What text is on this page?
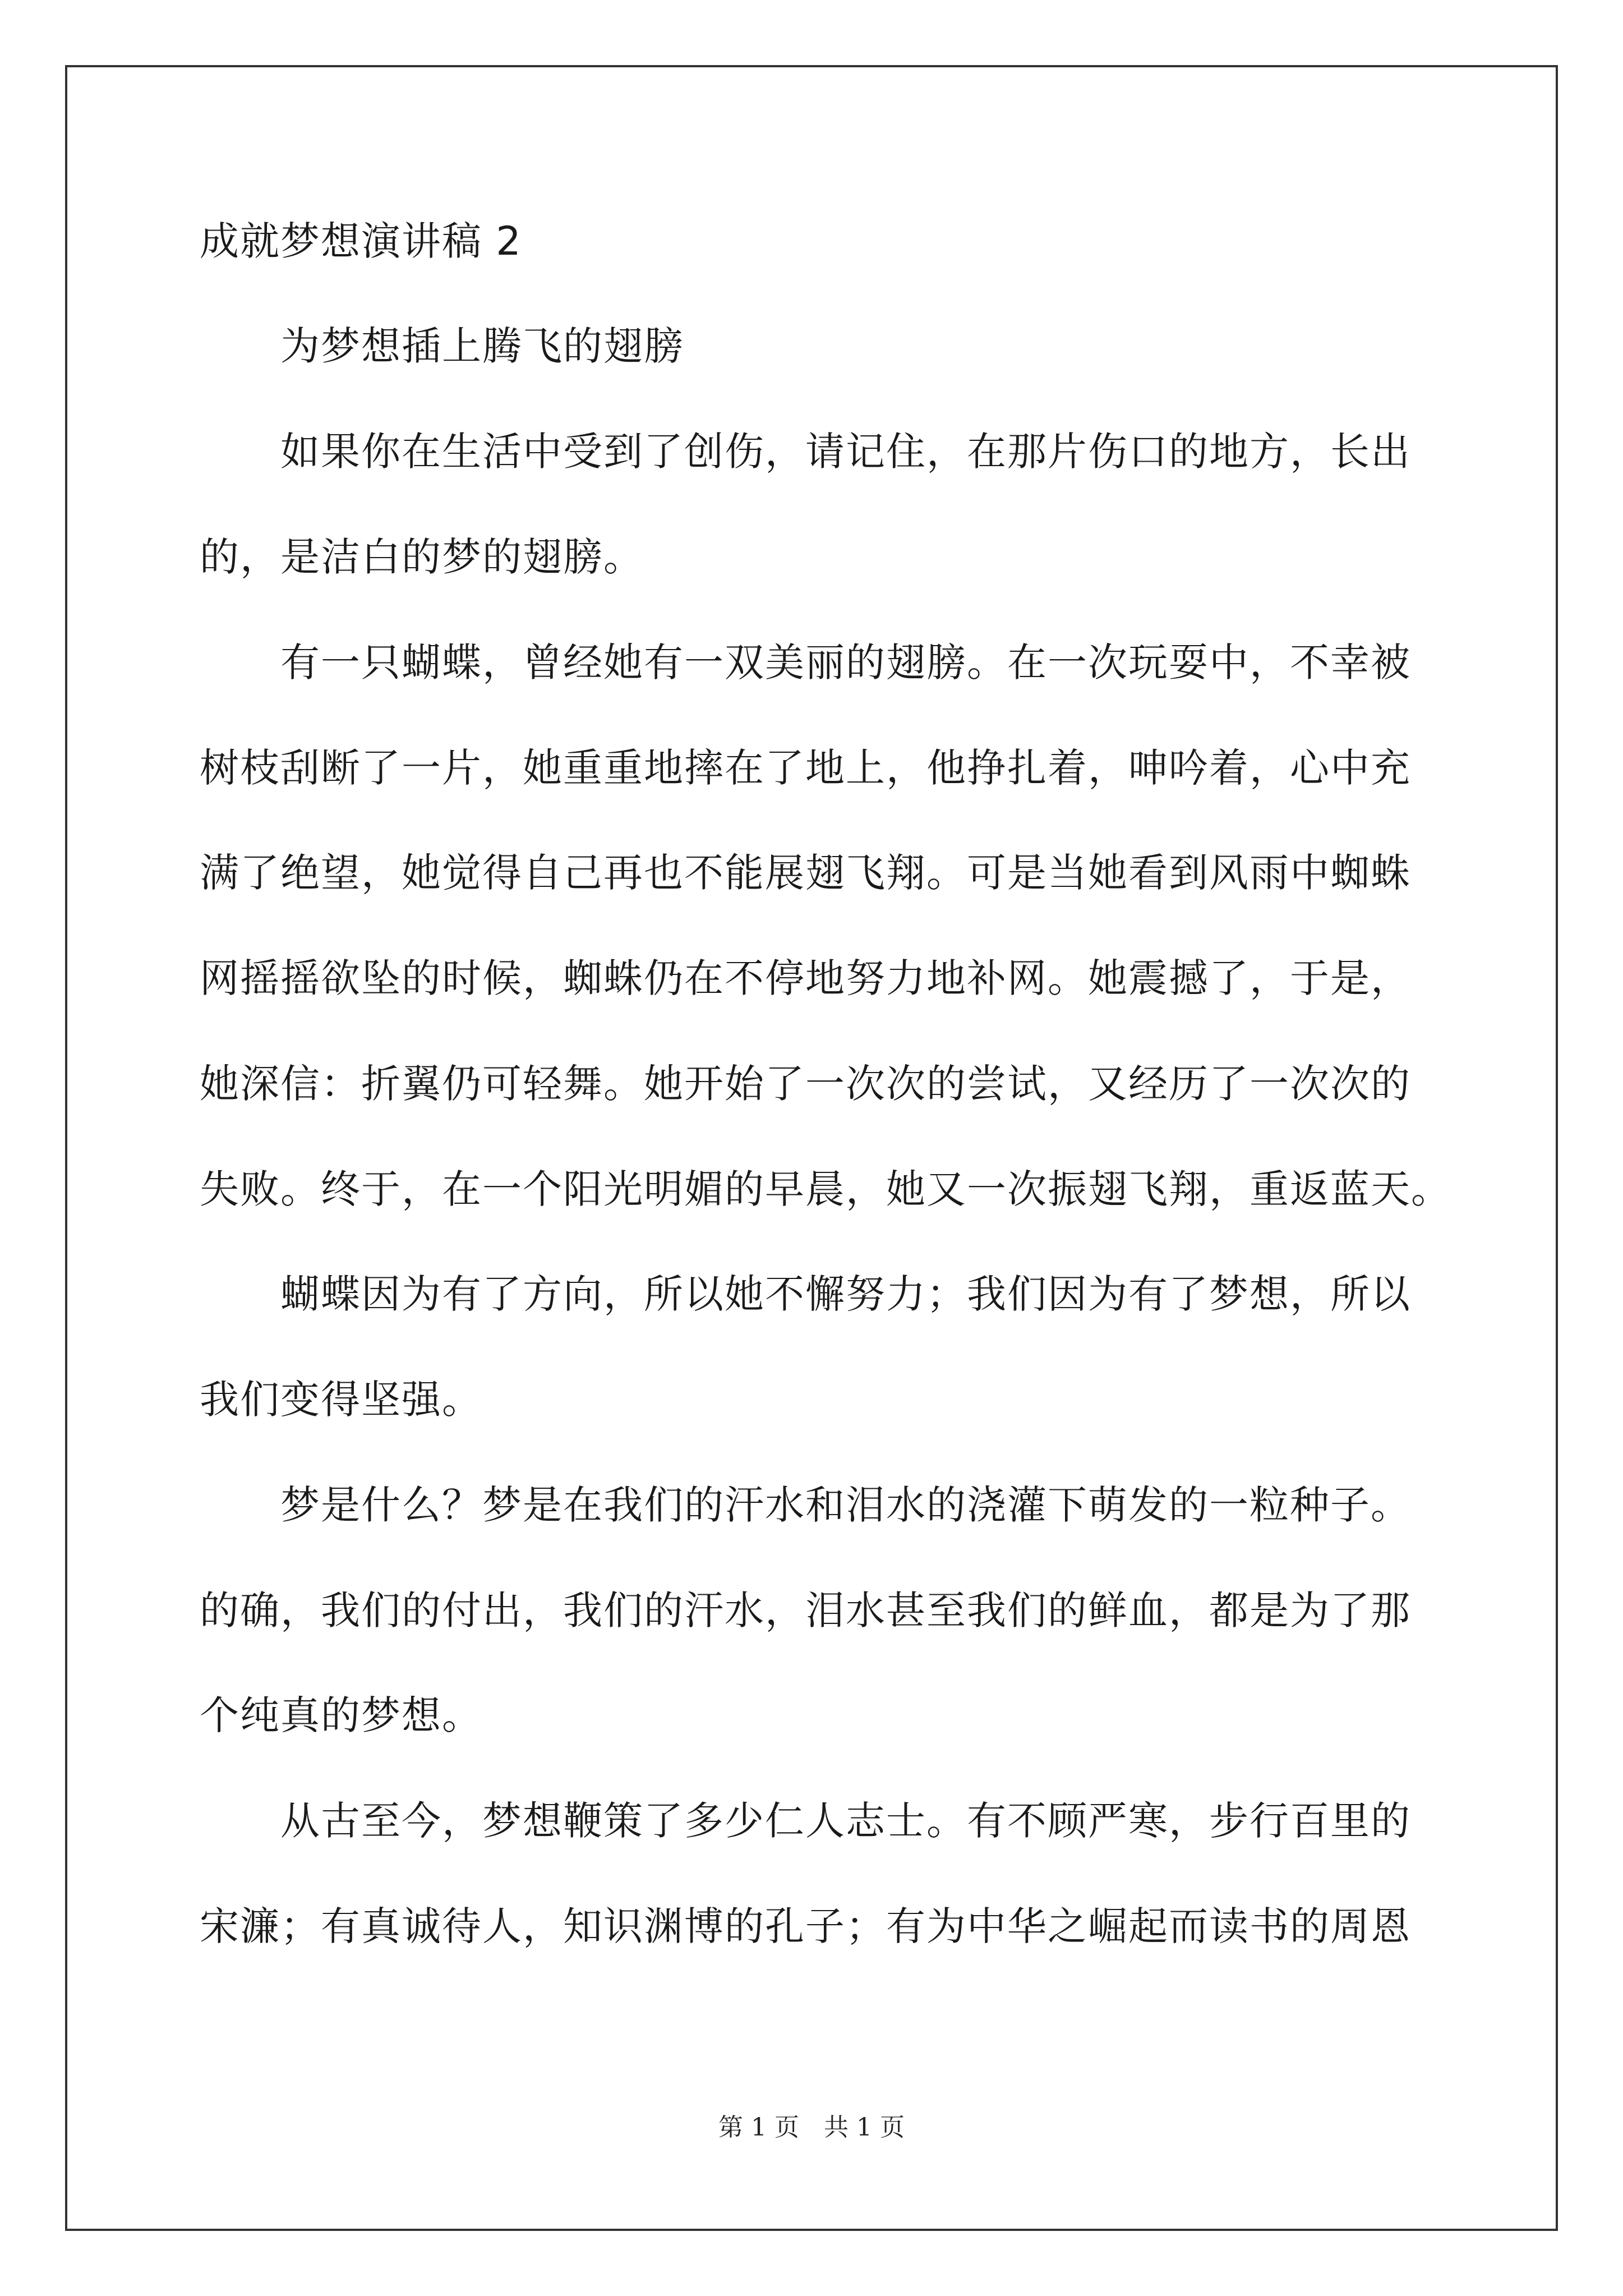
成就梦想演讲稿 2
　　为梦想插上腾飞的翅膀
　　如果你在生活中受到了创伤，请记住，在那片伤口的地方，长出
的，是洁白的梦的翅膀。
　　有一只蝴蝶，曾经她有一双美丽的翅膀。在一次玩耍中，不幸被
树枝刮断了一片，她重重地摔在了地上，他挣扎着，呻吟着，心中充
满了绝望，她觉得自己再也不能展翅飞翔。可是当她看到风雨中蜘蛛
网摇摇欲坠的时候，蜘蛛仍在不停地努力地补网。她震撼了，于是，
她深信：折翼仍可轻舞。她开始了一次次的尝试，又经历了一次次的
失败。终于，在一个阳光明媚的早晨，她又一次振翅飞翔，重返蓝天。
　　蝴蝶因为有了方向，所以她不懈努力；我们因为有了梦想，所以
我们变得坚强。
　　梦是什么？梦是在我们的汗水和泪水的浇灌下萌发的一粒种子。
的确，我们的付出，我们的汗水，泪水甚至我们的鲜血，都是为了那
个纯真的梦想。
　　从古至今，梦想鞭策了多少仁人志士。有不顾严寒，步行百里的
宋濂；有真诚待人，知识渊博的孔子；有为中华之崛起而读书的周恩
第 1 页　共 1 页
